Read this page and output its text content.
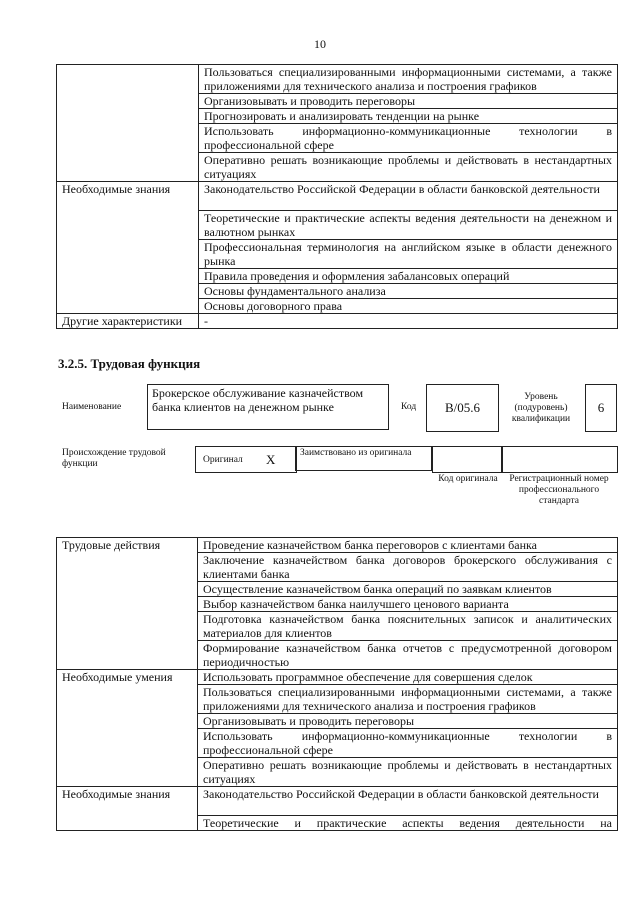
10
	Пользоваться специализированными информационными системами, а также приложениями для технического анализа и построения графиков
	Организовывать и проводить переговоры
	Прогнозировать и анализировать тенденции на рынке
	Использовать информационно-коммуникационные технологии в профессиональной сфере
	Оперативно решать возникающие проблемы и действовать в нестандартных ситуациях
Необходимые знания	Законодательство Российской Федерации в области банковской деятельности
	Теоретические и практические аспекты ведения деятельности на денежном и валютном рынках
	Профессиональная терминология на английском языке в области денежного рынка
	Правила проведения и оформления забалансовых операций
	Основы фундаментального анализа
	Основы договорного права
Другие характеристики	-
3.2.5. Трудовая функция
Наименование
Брокерское обслуживание казначейством банка клиентов на денежном рынке	Код	B/05.6
Уровень (подуровень) квалификации
6
Происхождение трудовой функции	Оригинал X	Заимствовано из оригинала
Код оригинала	Регистрационный номер профессионального стандарта
Трудовые действия	Проведение казначейством банка переговоров с клиентами банка
	Заключение казначейством банка договоров брокерского обслуживания с клиентами банка
	Осуществление казначейством банка операций по заявкам клиентов
	Выбор казначейством банка наилучшего ценового варианта
	Подготовка казначейством банка пояснительных записок и аналитических материалов для клиентов
	Формирование казначейством банка отчетов с предусмотренной договором периодичностью
Необходимые умения	Использовать программное обеспечение для совершения сделок
	Пользоваться специализированными информационными системами, а также приложениями для технического анализа и построения графиков
	Организовывать и проводить переговоры
	Использовать информационно-коммуникационные технологии в профессиональной сфере
	Оперативно решать возникающие проблемы и действовать в нестандартных ситуациях
Необходимые знания	Законодательство Российской Федерации в области банковской деятельности
	Теоретические и практические аспекты ведения деятельности на
